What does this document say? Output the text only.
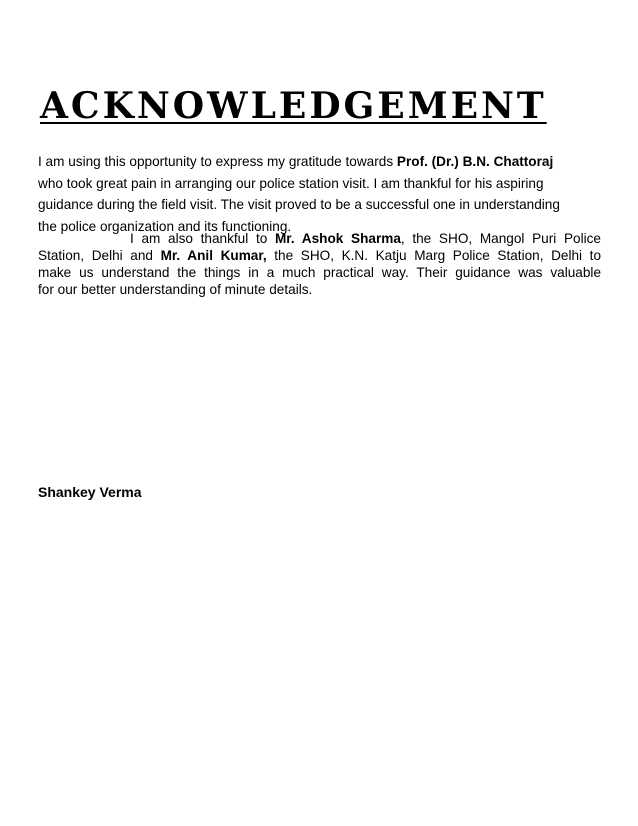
ACKNOWLEDGEMENT

I am using this opportunity to express my gratitude towards Prof. (Dr.) B.N. Chattoraj
who took great pain in arranging our police station visit. I am thankful for his aspiring
guidance during the field visit. The visit proved to be a successful one in understanding
the police organization and its functioning.

I am also thankful to Mr. Ashok Sharma, the SHO, Mangol Puri Police
Station, Delhi and Mr. Anil Kumar, the SHO, K.N. Katju Marg Police Station, Delhi to
make us understand the things in a much practical way. Their guidance was valuable
for our better understanding of minute details.

Shankey Verma
